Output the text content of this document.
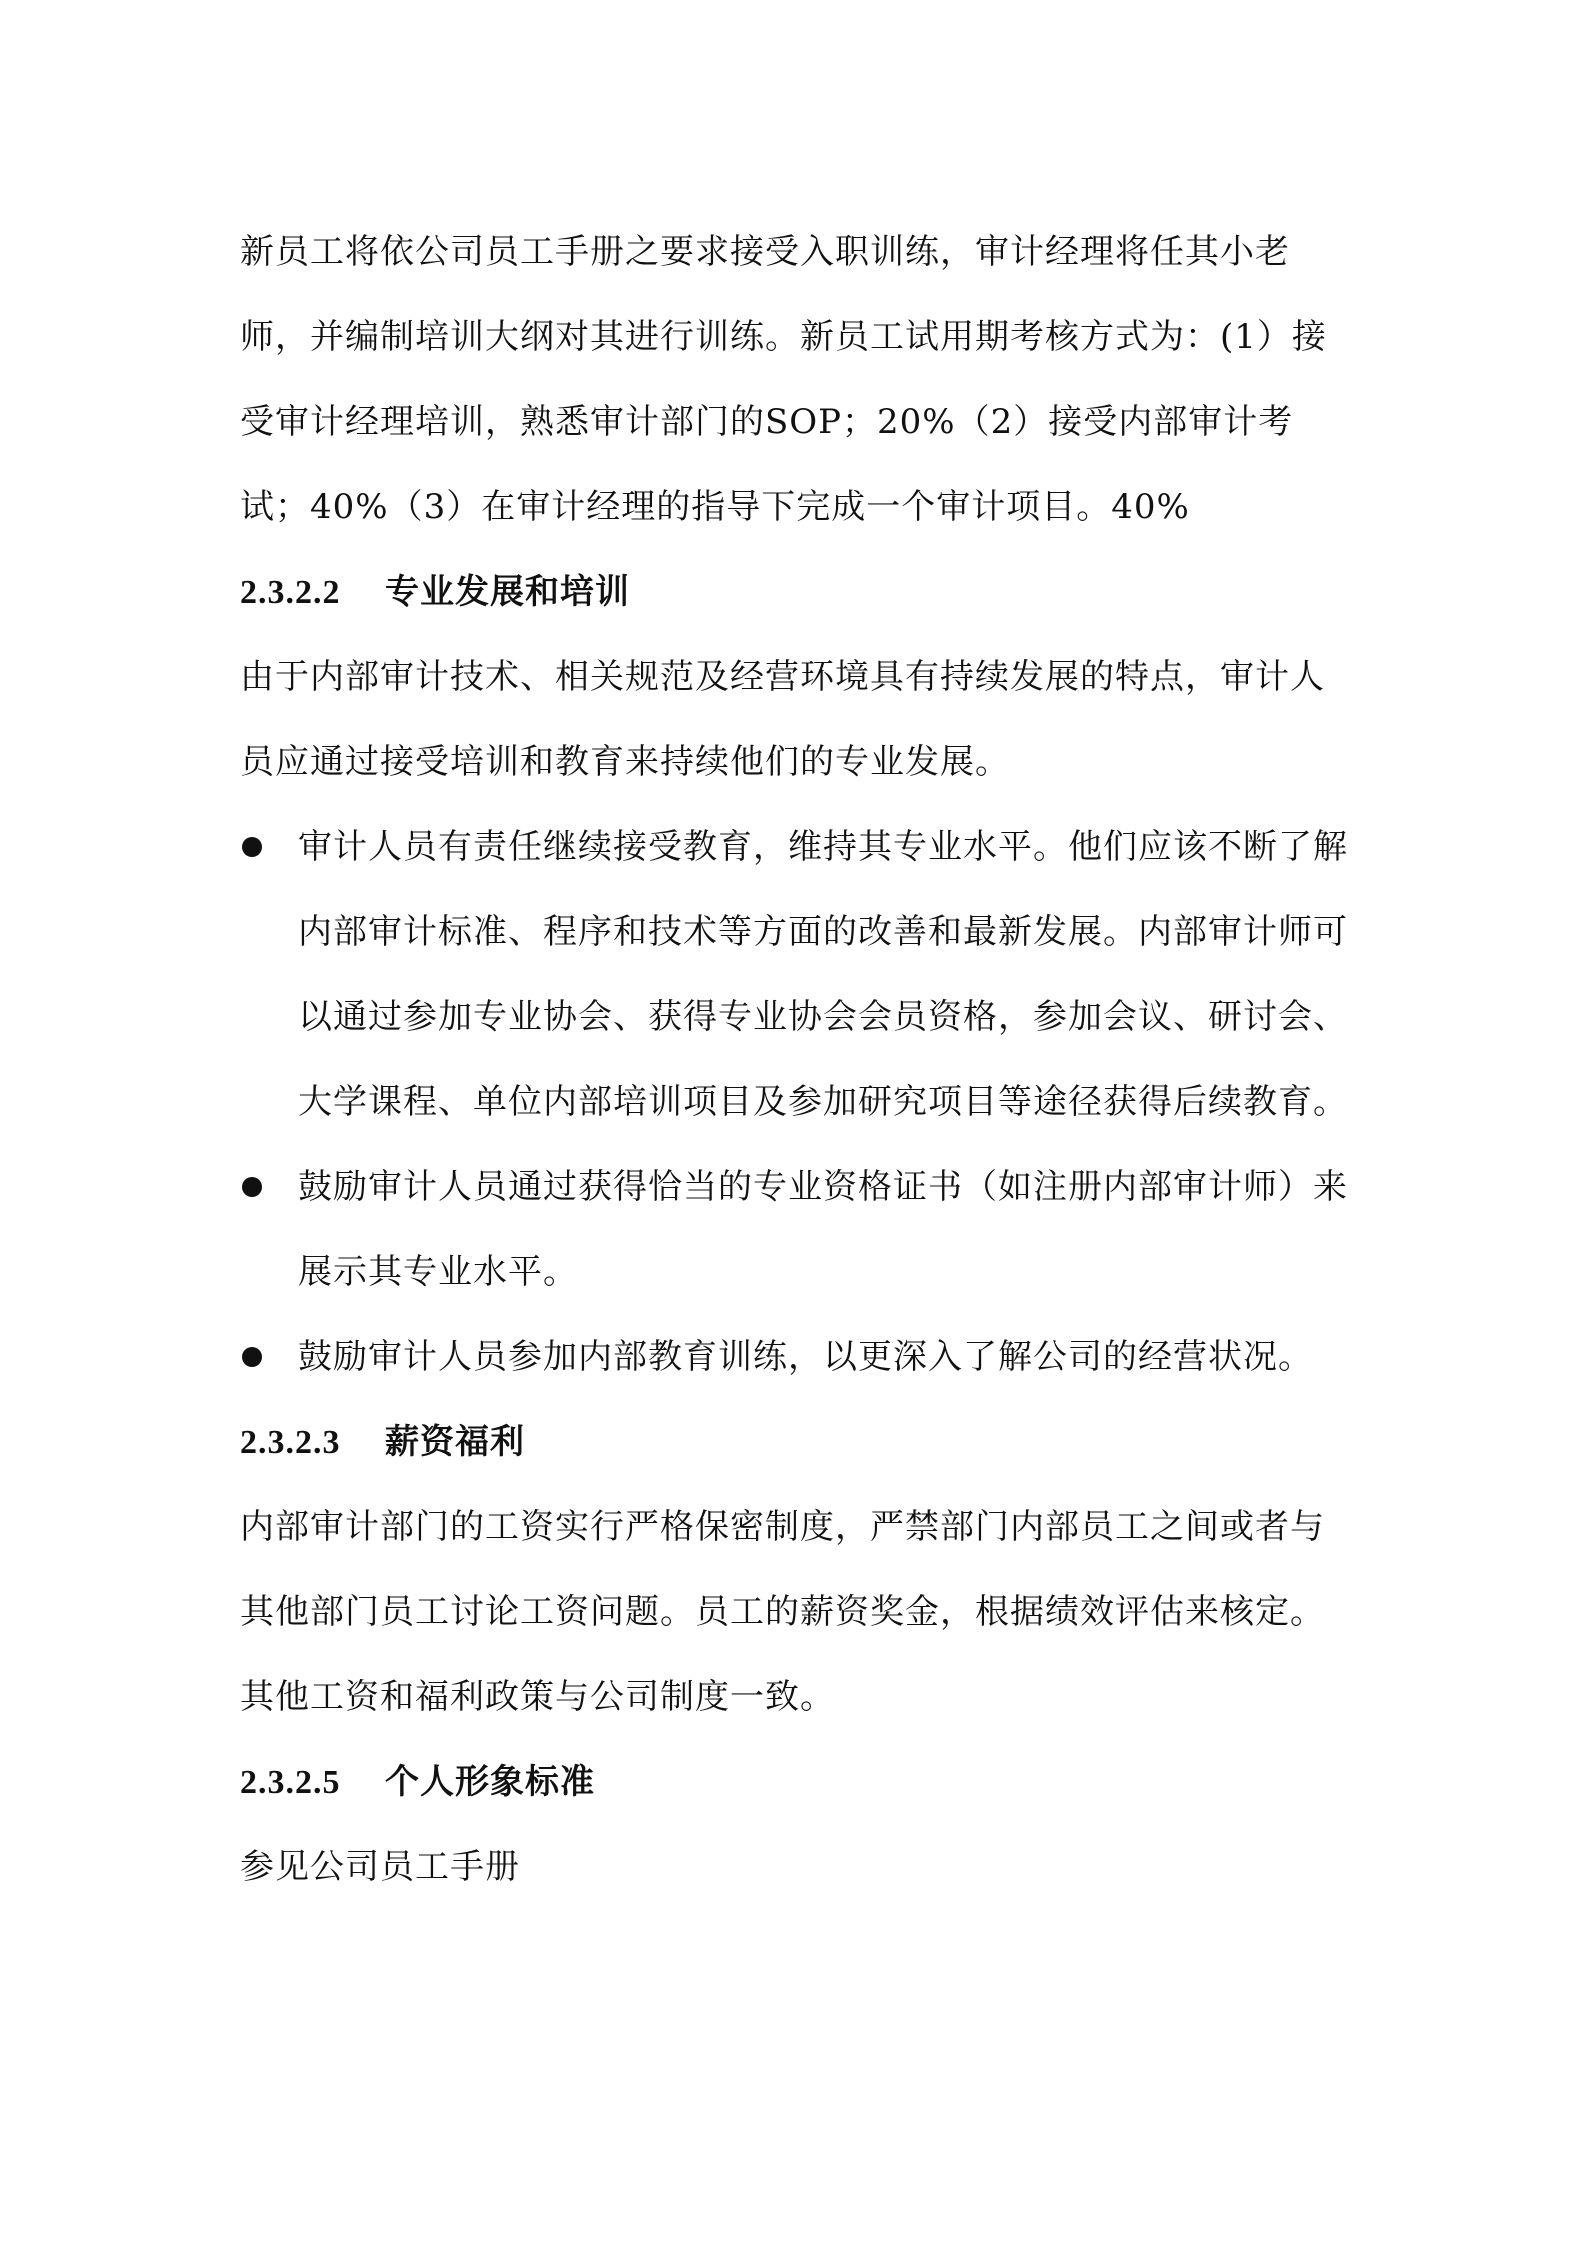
新员工将依公司员工手册之要求接受入职训练，审计经理将任其小老师，并编制培训大纲对其进行训练。新员工试用期考核方式为：(1）接受审计经理培训，熟悉审计部门的SOP；20%（2）接受内部审计考试；40%（3）在审计经理的指导下完成一个审计项目。40%

2.3.2.2 专业发展和培训

由于内部审计技术、相关规范及经营环境具有持续发展的特点，审计人员应通过接受培训和教育来持续他们的专业发展。

审计人员有责任继续接受教育，维持其专业水平。他们应该不断了解内部审计标准、程序和技术等方面的改善和最新发展。内部审计师可以通过参加专业协会、获得专业协会会员资格，参加会议、研讨会、大学课程、单位内部培训项目及参加研究项目等途径获得后续教育。
鼓励审计人员通过获得恰当的专业资格证书（如注册内部审计师）来展示其专业水平。
鼓励审计人员参加内部教育训练，以更深入了解公司的经营状况。
2.3.2.3 薪资福利

内部审计部门的工资实行严格保密制度，严禁部门内部员工之间或者与其他部门员工讨论工资问题。员工的薪资奖金，根据绩效评估来核定。

其他工资和福利政策与公司制度一致。

2.3.2.5 个人形象标准

参见公司员工手册
